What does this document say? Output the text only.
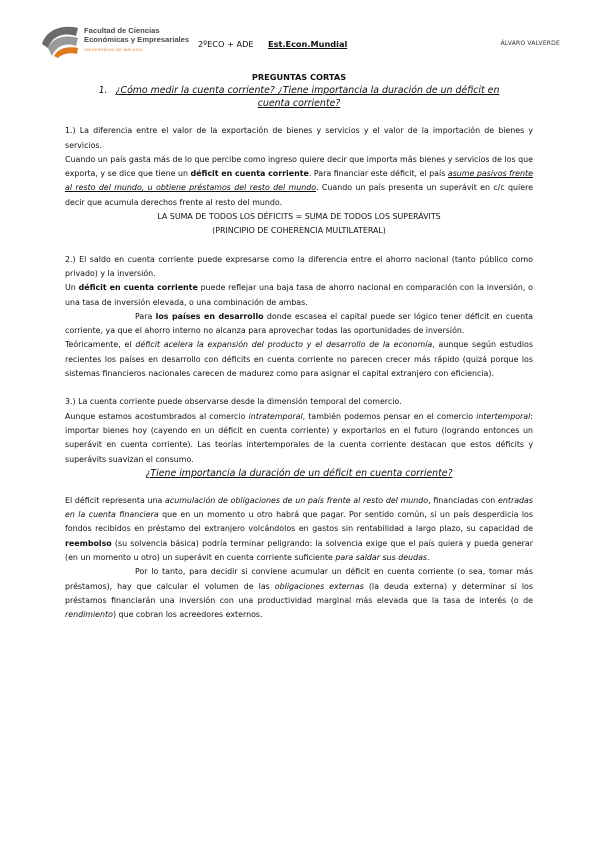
Facultad de Ciencias
Económicas y Empresariales
UNIVERSIDAD DE MÁLAGA
2ºECO + ADE Est.Econ.Mundial	ÁLVARO VALVERDE

PREGUNTAS CORTAS

1. ¿Cómo medir la cuenta corriente? ¿Tiene importancia la duración de un déficit en cuenta corriente?

1.) La diferencia entre el valor de la exportación de bienes y servicios y el valor de la importación de bienes y servicios.

Cuando un país gasta más de lo que percibe como ingreso quiere decir que importa más bienes y servicios de los que exporta, y se dice que tiene un déficit en cuenta corriente. Para financiar este déficit, el país asume pasivos frente al resto del mundo, u obtiene préstamos del resto del mundo. Cuando un país presenta un superávit en c/c quiere decir que acumula derechos frente al resto del mundo.

LA SUMA DE TODOS LOS DÉFICITS = SUMA DE TODOS LOS SUPERÁVITS

(PRINCIPIO DE COHERENCIA MULTILATERAL)

2.) El saldo en cuenta corriente puede expresarse como la diferencia entre el ahorro nacional (tanto público como privado) y la inversión.

Un déficit en cuenta corriente puede reflejar una baja tasa de ahorro nacional en comparación con la inversión, o una tasa de inversión elevada, o una combinación de ambas.

Para los países en desarrollo donde escasea el capital puede ser lógico tener déficit en cuenta corriente, ya que el ahorro interno no alcanza para aprovechar todas las oportunidades de inversión.

Teóricamente, el déficit acelera la expansión del producto y el desarrollo de la economía, aunque según estudios recientes los países en desarrollo con déficits en cuenta corriente no parecen crecer más rápido (quizá porque los sistemas financieros nacionales carecen de madurez como para asignar el capital extranjero con eficiencia).

3.) La cuenta corriente puede observarse desde la dimensión temporal del comercio.

Aunque estamos acostumbrados al comercio intratemporal, también podemos pensar en el comercio intertemporal: importar bienes hoy (cayendo en un déficit en cuenta corriente) y exportarlos en el futuro (logrando entonces un superávit en cuenta corriente). Las teorías intertemporales de la cuenta corriente destacan que estos déficits y superávits suavizan el consumo.

¿Tiene importancia la duración de un déficit en cuenta corriente?

El déficit representa una acumulación de obligaciones de un país frente al resto del mundo, financiadas con entradas en la cuenta financiera que en un momento u otro habrá que pagar. Por sentido común, si un país desperdicia los fondos recibidos en préstamo del extranjero volcándolos en gastos sin rentabilidad a largo plazo, su capacidad de reembolso (su solvencia básica) podría terminar peligrando: la solvencia exige que el país quiera y pueda generar (en un momento u otro) un superávit en cuenta corriente suficiente para saldar sus deudas.

Por lo tanto, para decidir si conviene acumular un déficit en cuenta corriente (o sea, tomar más préstamos), hay que calcular el volumen de las obligaciones externas (la deuda externa) y determinar si los préstamos financiarán una inversión con una productividad marginal más elevada que la tasa de interés (o de rendimiento) que cobran los acreedores externos.
